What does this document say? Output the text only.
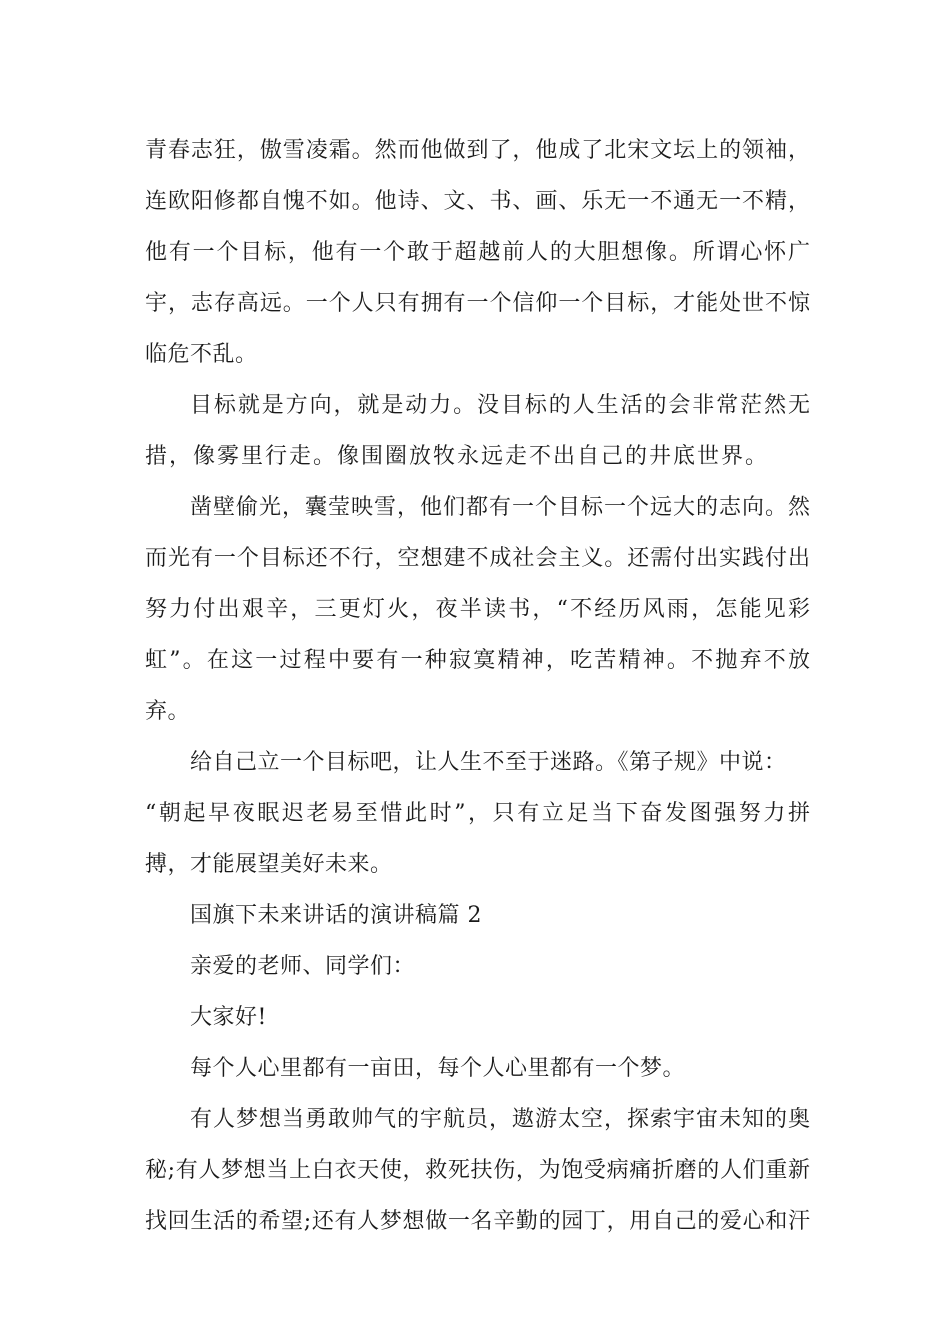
青春志狂，傲雪凌霜。然而他做到了，他成了北宋文坛上的领袖，
连欧阳修都自愧不如。他诗、文、书、画、乐无一不通无一不精，
他有一个目标，他有一个敢于超越前人的大胆想像。所谓心怀广
宇，志存高远。一个人只有拥有一个信仰一个目标，才能处世不惊
临危不乱。
目标就是方向，就是动力。没目标的人生活的会非常茫然无
措，像雾里行走。像围圈放牧永远走不出自己的井底世界。
凿壁偷光，囊莹映雪，他们都有一个目标一个远大的志向。然
而光有一个目标还不行，空想建不成社会主义。还需付出实践付出
努力付出艰辛，三更灯火，夜半读书，“不经历风雨，怎能见彩
虹”。在这一过程中要有一种寂寞精神，吃苦精神。不抛弃不放
弃。
给自己立一个目标吧，让人生不至于迷路。《第子规》中说：
“朝起早夜眠迟老易至惜此时”，只有立足当下奋发图强努力拼
搏，才能展望美好未来。
国旗下未来讲话的演讲稿篇 2
亲爱的老师、同学们：
大家好!
每个人心里都有一亩田，每个人心里都有一个梦。
有人梦想当勇敢帅气的宇航员，遨游太空，探索宇宙未知的奥
秘;有人梦想当上白衣天使，救死扶伤，为饱受病痛折磨的人们重新
找回生活的希望;还有人梦想做一名辛勤的园丁，用自己的爱心和汗
